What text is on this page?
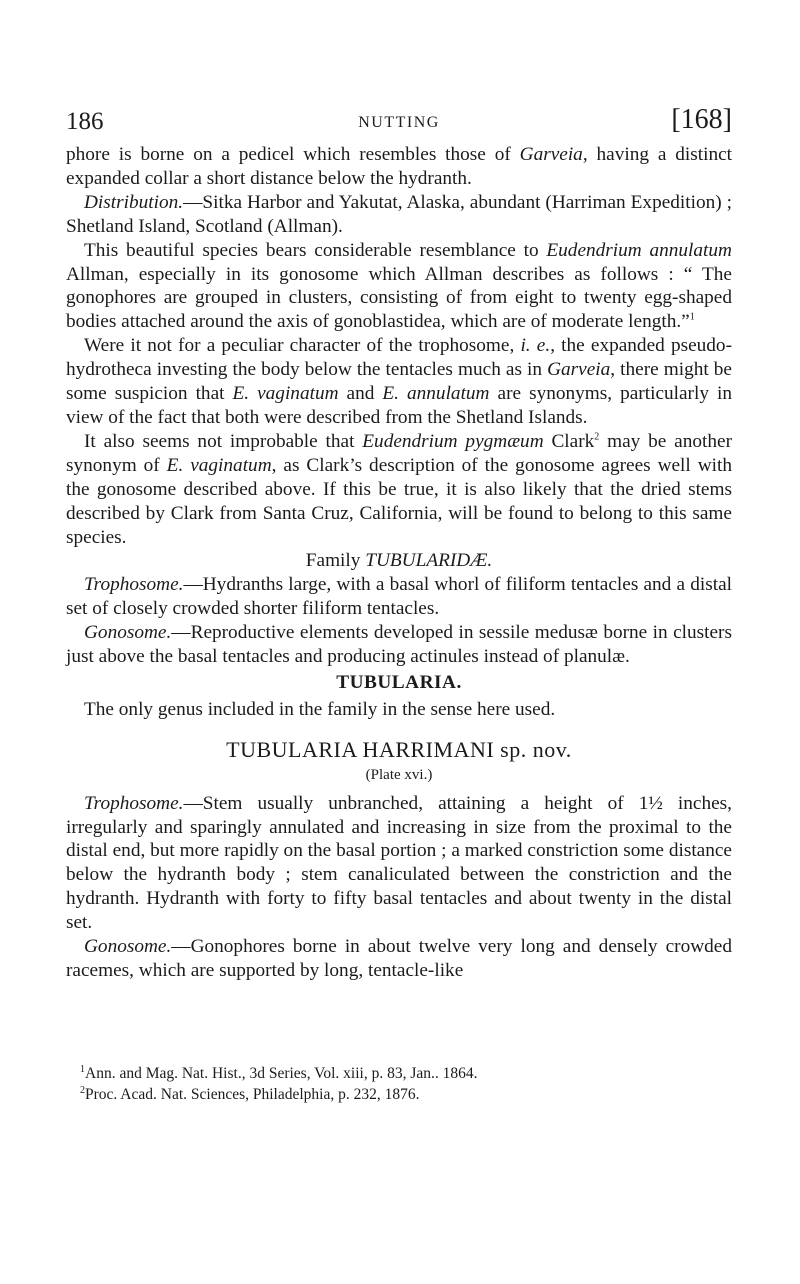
186	NUTTING	[168]

phore is borne on a pedicel which resembles those of Garveia, having a distinct expanded collar a short distance below the hydranth.

Distribution.—Sitka Harbor and Yakutat, Alaska, abundant (Harriman Expedition) ; Shetland Island, Scotland (Allman).

This beautiful species bears considerable resemblance to Eudendrium annulatum Allman, especially in its gonosome which Allman describes as follows : “ The gonophores are grouped in clusters, consisting of from eight to twenty egg-shaped bodies attached around the axis of gonoblastidea, which are of moderate length.”$^1$

Were it not for a peculiar character of the trophosome, i. e., the expanded pseudo-hydrotheca investing the body below the tentacles much as in Garveia, there might be some suspicion that E. vaginatum and E. annulatum are synonyms, particularly in view of the fact that both were described from the Shetland Islands.

It also seems not improbable that Eudendrium pygmæum Clark$^2$ may be another synonym of E. vaginatum, as Clark’s description of the gonosome agrees well with the gonosome described above. If this be true, it is also likely that the dried stems described by Clark from Santa Cruz, California, will be found to belong to this same species.

Family TUBULARIDÆ.

Trophosome.—Hydranths large, with a basal whorl of filiform tentacles and a distal set of closely crowded shorter filiform tentacles.

Gonosome.—Reproductive elements developed in sessile medusæ borne in clusters just above the basal tentacles and producing actinules instead of planulæ.

TUBULARIA.

The only genus included in the family in the sense here used.

TUBULARIA HARRIMANI sp. nov.

(Plate xvi.)

Trophosome.—Stem usually unbranched, attaining a height of 1½ inches, irregularly and sparingly annulated and increasing in size from the proximal to the distal end, but more rapidly on the basal portion ; a marked constriction some distance below the hydranth body ; stem canaliculated between the constriction and the hydranth. Hydranth with forty to fifty basal tentacles and about twenty in the distal set.

Gonosome.—Gonophores borne in about twelve very long and densely crowded racemes, which are supported by long, tentacle-like

$^1$Ann. and Mag. Nat. Hist., 3d Series, Vol. xiii, p. 83, Jan.. 1864.

$^2$Proc. Acad. Nat. Sciences, Philadelphia, p. 232, 1876.
